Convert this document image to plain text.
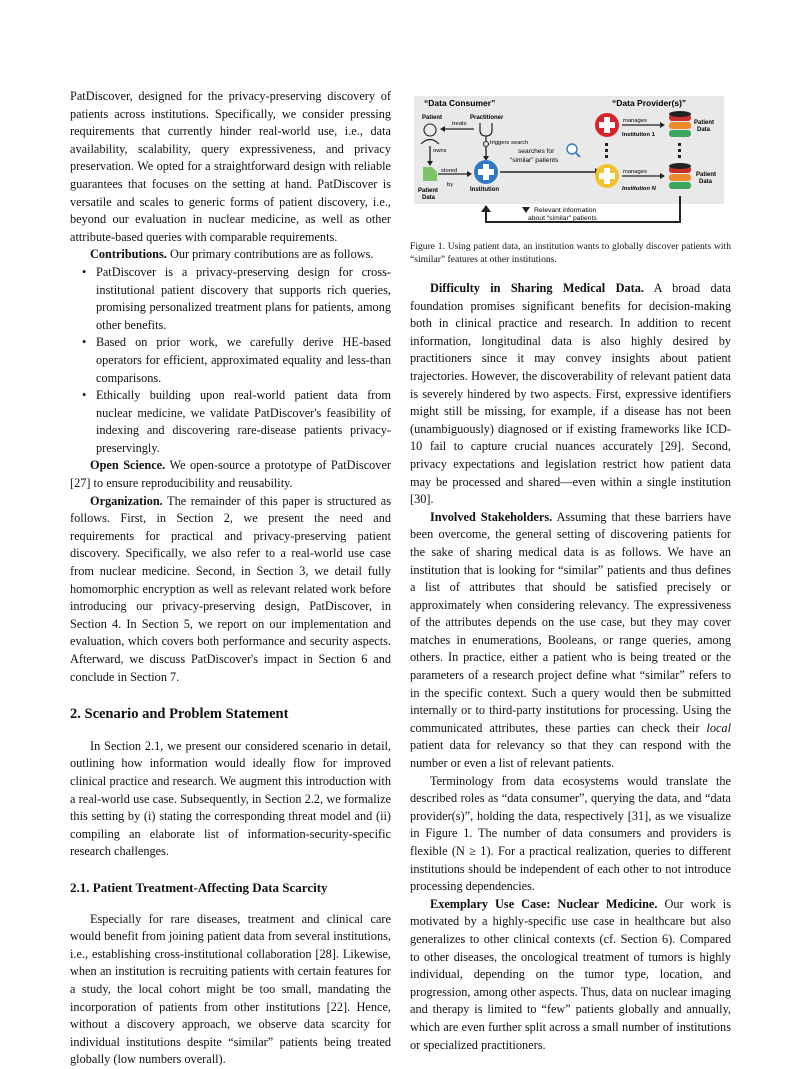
PatDiscover, designed for the privacy-preserving discovery of patients across institutions. Specifically, we consider pressing requirements that currently hinder real-world use, i.e., data availability, scalability, query expressiveness, and privacy preservation. We opted for a straightforward design with reliable guarantees that focuses on the setting at hand. PatDiscover is versatile and scales to generic forms of patient discovery, i.e., beyond our evaluation in nuclear medicine, as well as other attribute-based queries with comparable requirements.

Contributions. Our primary contributions are as follows.

• PatDiscover is a privacy-preserving design for cross-institutional patient discovery that supports rich queries, promising personalized treatment plans for patients, among other benefits.
• Based on prior work, we carefully derive HE-based operators for efficient, approximated equality and less-than comparisons.
• Ethically building upon real-world patient data from nuclear medicine, we validate PatDiscover's feasibility of indexing and discovering rare-disease patients privacy-preservingly.

Open Science. We open-source a prototype of PatDiscover [27] to ensure reproducibility and reusability.

Organization. The remainder of this paper is structured as follows. First, in Section 2, we present the need and requirements for practical and privacy-preserving patient discovery. Specifically, we also refer to a real-world use case from nuclear medicine. Second, in Section 3, we detail fully homomorphic encryption as well as relevant related work before introducing our privacy-preserving design, PatDiscover, in Section 4. In Section 5, we report on our implementation and evaluation, which covers both performance and security aspects. Afterward, we discuss PatDiscover's impact in Section 6 and conclude in Section 7.

2. Scenario and Problem Statement

In Section 2.1, we present our considered scenario in detail, outlining how information would ideally flow for improved clinical practice and research. We augment this introduction with a real-world use case. Subsequently, in Section 2.2, we formalize this setting by (i) stating the corresponding threat model and (ii) compiling an elaborate list of information-security-specific research challenges.

2.1. Patient Treatment-Affecting Data Scarcity

Especially for rare diseases, treatment and clinical care would benefit from joining patient data from several institutions, i.e., establishing cross-institutional collaboration [28]. Likewise, when an institution is recruiting patients with certain features for a study, the local cohort might be too small, mandating the incorporation of patients from other institutions [22]. Hence, without a discovery approach, we observe data scarcity for individual institutions despite “similar” patients being treated globally (low numbers overall).

“Data Consumer”	“Data Provider(s)”
Patient	Practitioner
treats
owns
Patient
Data
stored
by
triggers search
Institution
searches for
“similar” patients
manages
Institution 1
Patient
Data
manages
Institution N
Patient
Data
Relevant information
about “similar” patients

Figure 1. Using patient data, an institution wants to globally discover patients with “similar” features at other institutions.

Difficulty in Sharing Medical Data. A broad data foundation promises significant benefits for decision-making both in clinical practice and research. In addition to recent information, longitudinal data is also highly desired by practitioners since it may convey insights about patient trajectories. However, the discoverability of relevant patient data is severely hindered by two aspects. First, expressive identifiers might still be missing, for example, if a disease has not been (unambiguously) diagnosed or if existing frameworks like ICD-10 fail to capture crucial nuances accurately [29]. Second, privacy expectations and legislation restrict how patient data may be processed and shared—even within a single institution [30].

Involved Stakeholders. Assuming that these barriers have been overcome, the general setting of discovering patients for the sake of sharing medical data is as follows. We have an institution that is looking for “similar” patients and thus defines a list of attributes that should be satisfied precisely or approximately when considering relevancy. The expressiveness of the attributes depends on the use case, but they may cover matches in enumerations, Booleans, or range queries, among others. In practice, either a patient who is being treated or the parameters of a research project define what “similar” refers to in the specific context. Such a query would then be submitted internally or to third-party institutions for processing. Using the communicated attributes, these parties can check their local patient data for relevancy so that they can respond with the number or even a list of relevant patients.

Terminology from data ecosystems would translate the described roles as “data consumer”, querying the data, and “data provider(s)”, holding the data, respectively [31], as we visualize in Figure 1. The number of data consumers and providers is flexible (N ≥ 1). For a practical realization, queries to different institutions should be independent of each other to not introduce processing dependencies.

Exemplary Use Case: Nuclear Medicine. Our work is motivated by a highly-specific use case in healthcare but also generalizes to other clinical contexts (cf. Section 6). Compared to other diseases, the oncological treatment of tumors is highly individual, depending on the tumor type, location, and progression, among other aspects. Thus, data on nuclear imaging and therapy is limited to “few” patients globally and annually, which are even further split across a small number of institutions or specialized practitioners.
